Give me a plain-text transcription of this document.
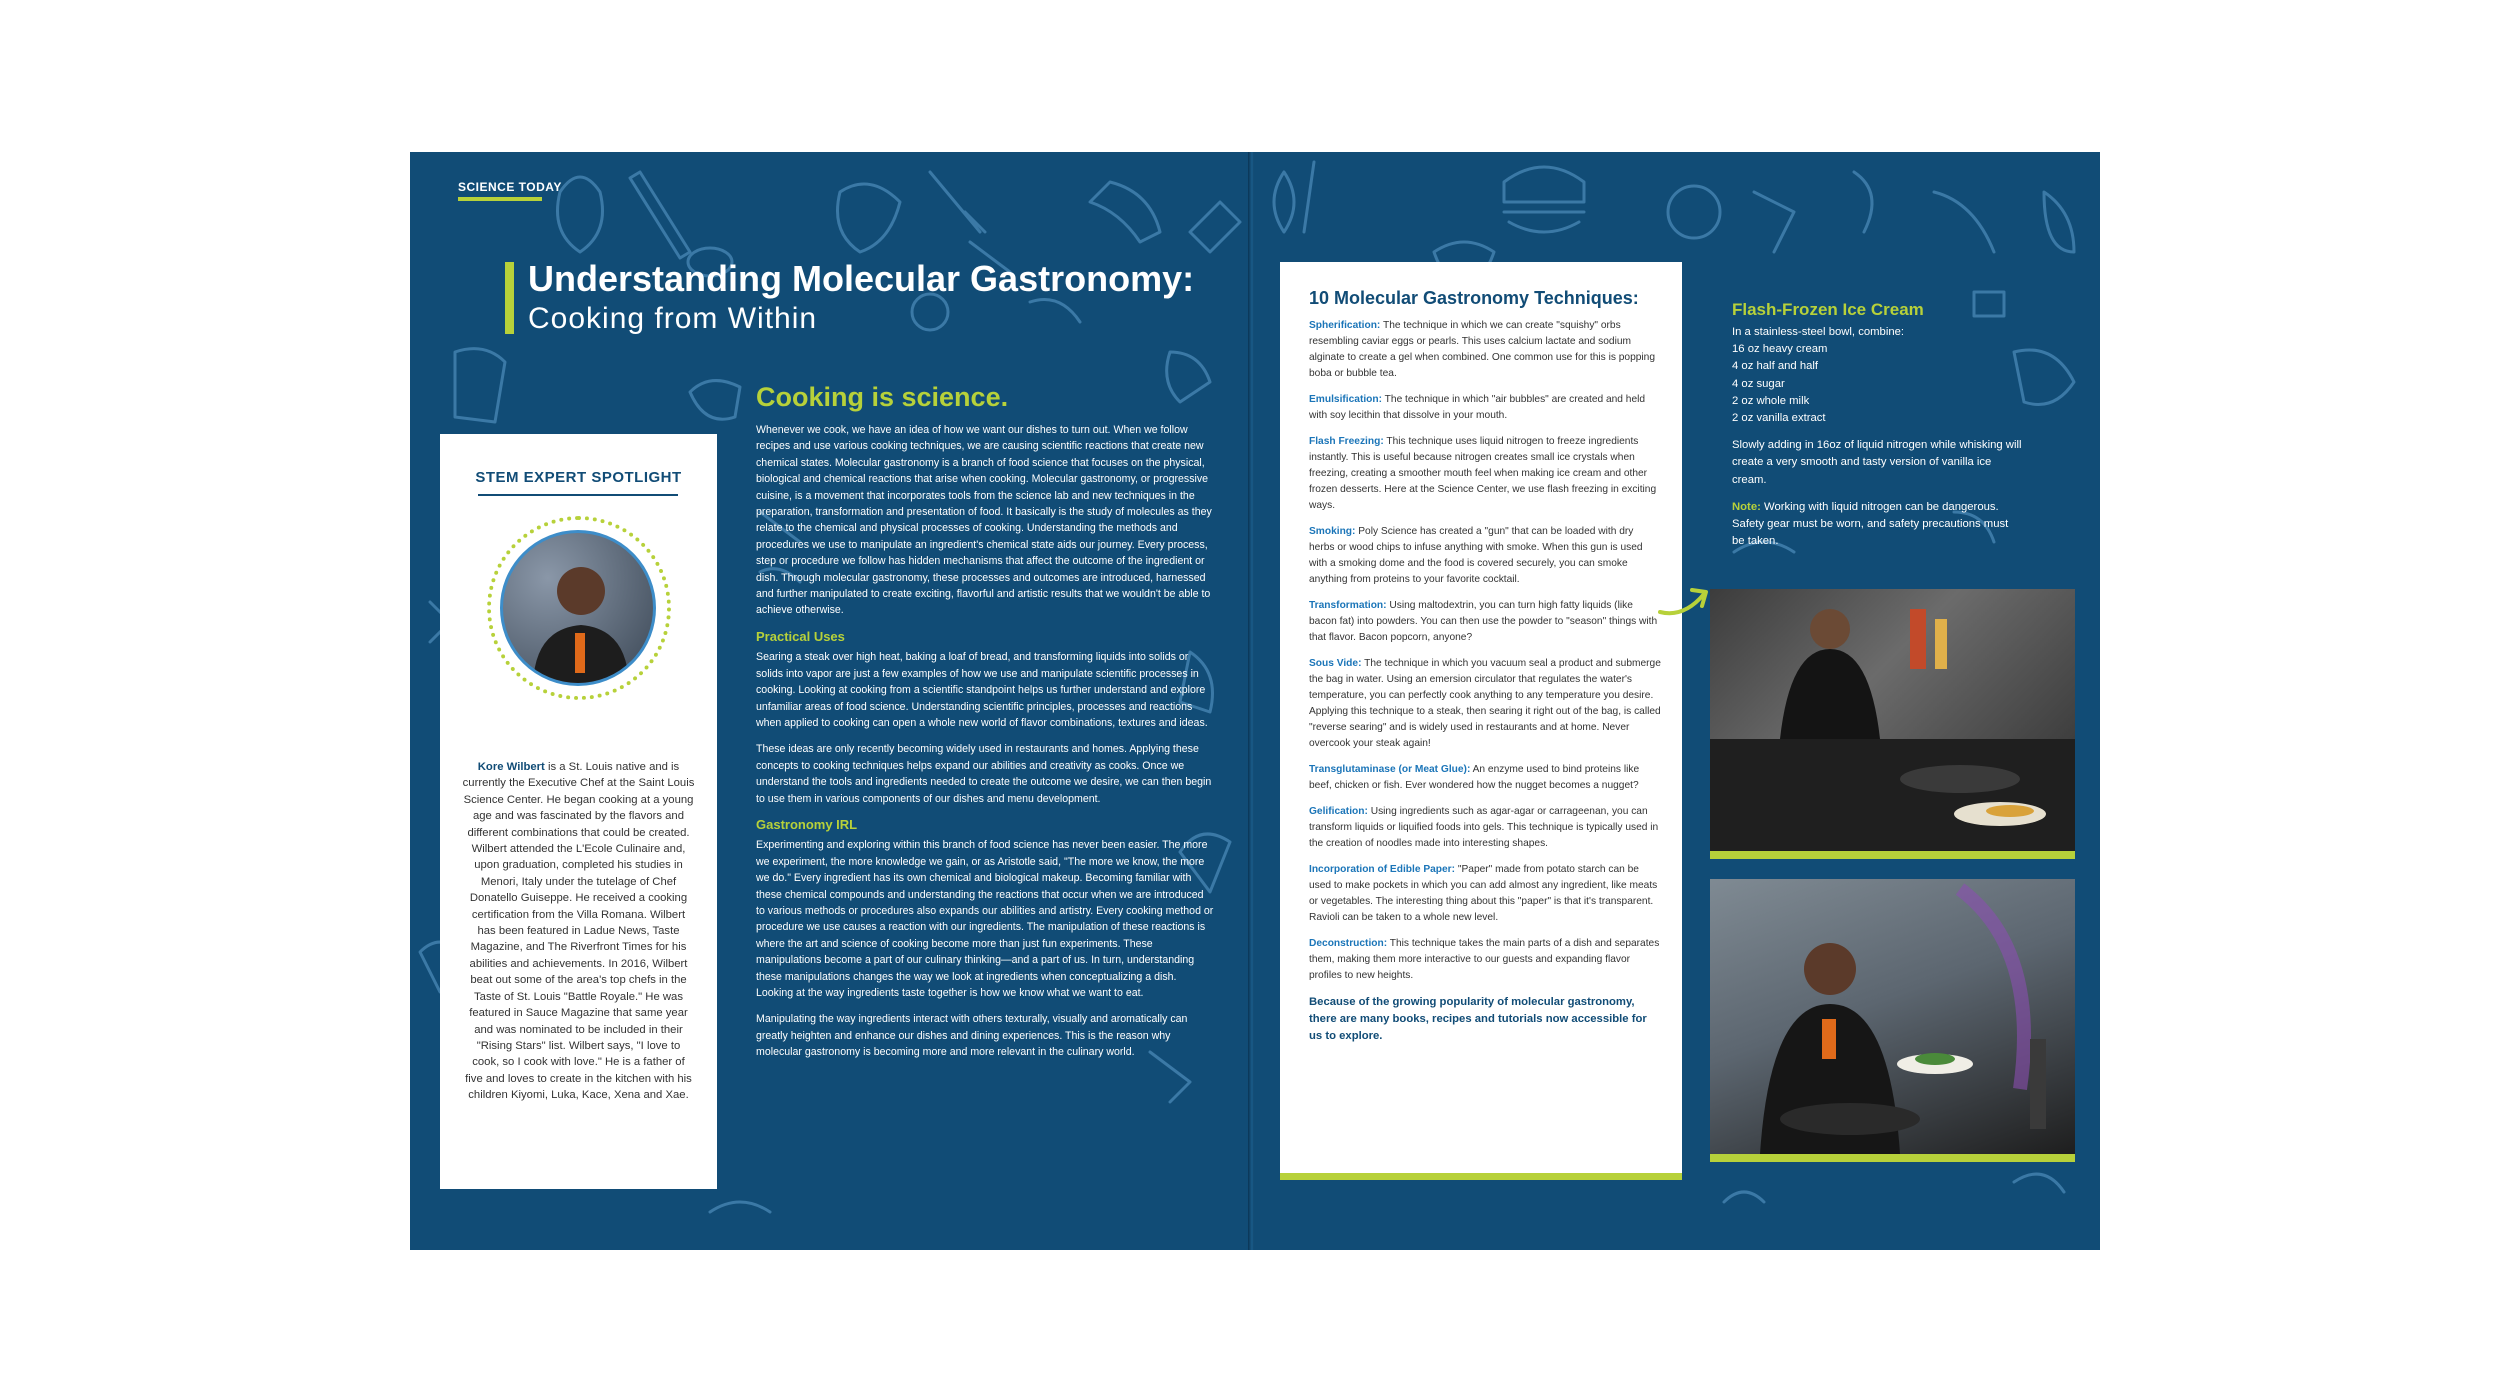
SCIENCE TODAY
Understanding Molecular Gastronomy:
Cooking from Within
STEM EXPERT SPOTLIGHT
Kore Wilbert is a St. Louis native and is currently the Executive Chef at the Saint Louis Science Center. He began cooking at a young age and was fascinated by the flavors and different combinations that could be created. Wilbert attended the L'Ecole Culinaire and, upon graduation, completed his studies in Menori, Italy under the tutelage of Chef Donatello Guiseppe. He received a cooking certification from the Villa Romana. Wilbert has been featured in Ladue News, Taste Magazine, and The Riverfront Times for his abilities and achievements. In 2016, Wilbert beat out some of the area's top chefs in the Taste of St. Louis "Battle Royale." He was featured in Sauce Magazine that same year and was nominated to be included in their "Rising Stars" list. Wilbert says, "I love to cook, so I cook with love." He is a father of five and loves to create in the kitchen with his children Kiyomi, Luka, Kace, Xena and Xae.
Cooking is science.

Whenever we cook, we have an idea of how we want our dishes to turn out. When we follow recipes and use various cooking techniques, we are causing scientific reactions that create new chemical states. Molecular gastronomy is a branch of food science that focuses on the physical, biological and chemical reactions that arise when cooking. Molecular gastronomy, or progressive cuisine, is a movement that incorporates tools from the science lab and new techniques in the preparation, transformation and presentation of food. It basically is the study of molecules as they relate to the chemical and physical processes of cooking. Understanding the methods and procedures we use to manipulate an ingredient's chemical state aids our journey. Every process, step or procedure we follow has hidden mechanisms that affect the outcome of the ingredient or dish. Through molecular gastronomy, these processes and outcomes are introduced, harnessed and further manipulated to create exciting, flavorful and artistic results that we wouldn't be able to achieve otherwise.

Practical Uses

Searing a steak over high heat, baking a loaf of bread, and transforming liquids into solids or solids into vapor are just a few examples of how we use and manipulate scientific processes in cooking. Looking at cooking from a scientific standpoint helps us further understand and explore unfamiliar areas of food science. Understanding scientific principles, processes and reactions when applied to cooking can open a whole new world of flavor combinations, textures and ideas.

These ideas are only recently becoming widely used in restaurants and homes. Applying these concepts to cooking techniques helps expand our abilities and creativity as cooks. Once we understand the tools and ingredients needed to create the outcome we desire, we can then begin to use them in various components of our dishes and menu development.

Gastronomy IRL

Experimenting and exploring within this branch of food science has never been easier. The more we experiment, the more knowledge we gain, or as Aristotle said, "The more we know, the more we do." Every ingredient has its own chemical and biological makeup. Becoming familiar with these chemical compounds and understanding the reactions that occur when we are introduced to various methods or procedures also expands our abilities and artistry. Every cooking method or procedure we use causes a reaction with our ingredients. The manipulation of these reactions is where the art and science of cooking become more than just fun experiments. These manipulations become a part of our culinary thinking—and a part of us. In turn, understanding these manipulations changes the way we look at ingredients when conceptualizing a dish. Looking at the way ingredients taste together is how we know what we want to eat.

Manipulating the way ingredients interact with others texturally, visually and aromatically can greatly heighten and enhance our dishes and dining experiences. This is the reason why molecular gastronomy is becoming more and more relevant in the culinary world.

10 Molecular Gastronomy Techniques:

Spherification: The technique in which we can create "squishy" orbs resembling caviar eggs or pearls. This uses calcium lactate and sodium alginate to create a gel when combined. One common use for this is popping boba or bubble tea.

Emulsification: The technique in which "air bubbles" are created and held with soy lecithin that dissolve in your mouth.

Flash Freezing: This technique uses liquid nitrogen to freeze ingredients instantly. This is useful because nitrogen creates small ice crystals when freezing, creating a smoother mouth feel when making ice cream and other frozen desserts. Here at the Science Center, we use flash freezing in exciting ways.

Smoking: Poly Science has created a "gun" that can be loaded with dry herbs or wood chips to infuse anything with smoke. When this gun is used with a smoking dome and the food is covered securely, you can smoke anything from proteins to your favorite cocktail.

Transformation: Using maltodextrin, you can turn high fatty liquids (like bacon fat) into powders. You can then use the powder to "season" things with that flavor. Bacon popcorn, anyone?

Sous Vide: The technique in which you vacuum seal a product and submerge the bag in water. Using an emersion circulator that regulates the water's temperature, you can perfectly cook anything to any temperature you desire. Applying this technique to a steak, then searing it right out of the bag, is called "reverse searing" and is widely used in restaurants and at home. Never overcook your steak again!

Transglutaminase (or Meat Glue): An enzyme used to bind proteins like beef, chicken or fish. Ever wondered how the nugget becomes a nugget?

Gelification: Using ingredients such as agar-agar or carrageenan, you can transform liquids or liquified foods into gels. This technique is typically used in the creation of noodles made into interesting shapes.

Incorporation of Edible Paper: "Paper" made from potato starch can be used to make pockets in which you can add almost any ingredient, like meats or vegetables. The interesting thing about this "paper" is that it's transparent. Ravioli can be taken to a whole new level.

Deconstruction: This technique takes the main parts of a dish and separates them, making them more interactive to our guests and expanding flavor profiles to new heights.

Because of the growing popularity of molecular gastronomy, there are many books, recipes and tutorials now accessible for us to explore.
Flash-Frozen Ice Cream
In a stainless-steel bowl, combine:
16 oz heavy cream
4 oz half and half
4 oz sugar
2 oz whole milk

2 oz vanilla extract

Slowly adding in 16oz of liquid nitrogen while whisking will create a very smooth and tasty version of vanilla ice cream.

Note: Working with liquid nitrogen can be dangerous. Safety gear must be worn, and safety precautions must be taken.
